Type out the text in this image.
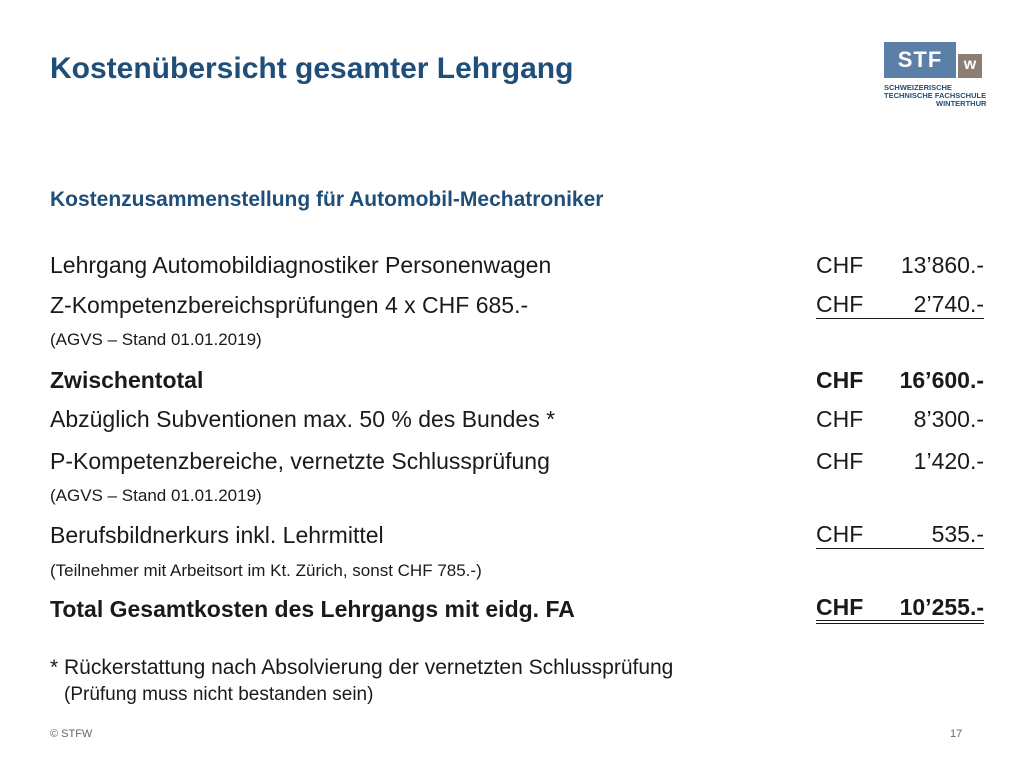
Kostenübersicht gesamter Lehrgang	STF	w
SCHWEIZERISCHE
TECHNISCHE FACHSCHULE
WINTERTHUR
Kostenzusammenstellung für Automobil-Mechatroniker
Lehrgang Automobildiagnostiker Personenwagen	CHF 13’860.-
Z-Kompetenzbereichsprüfungen 4 x CHF 685.-	CHF 2’740.-
(AGVS – Stand 01.01.2019)
Zwischentotal	CHF 16’600.-
Abzüglich Subventionen max. 50 % des Bundes *	CHF 8’300.-
P-Kompetenzbereiche, vernetzte Schlussprüfung	CHF 1’420.-
(AGVS – Stand 01.01.2019)
Berufsbildnerkurs inkl. Lehrmittel	CHF	535.-
(Teilnehmer mit Arbeitsort im Kt. Zürich, sonst CHF 785.-)
Total Gesamtkosten des Lehrgangs mit eidg. FA	CHF 10’255.-
* Rückerstattung nach Absolvierung der vernetzten Schlussprüfung
(Prüfung muss nicht bestanden sein)
© STFW	17
